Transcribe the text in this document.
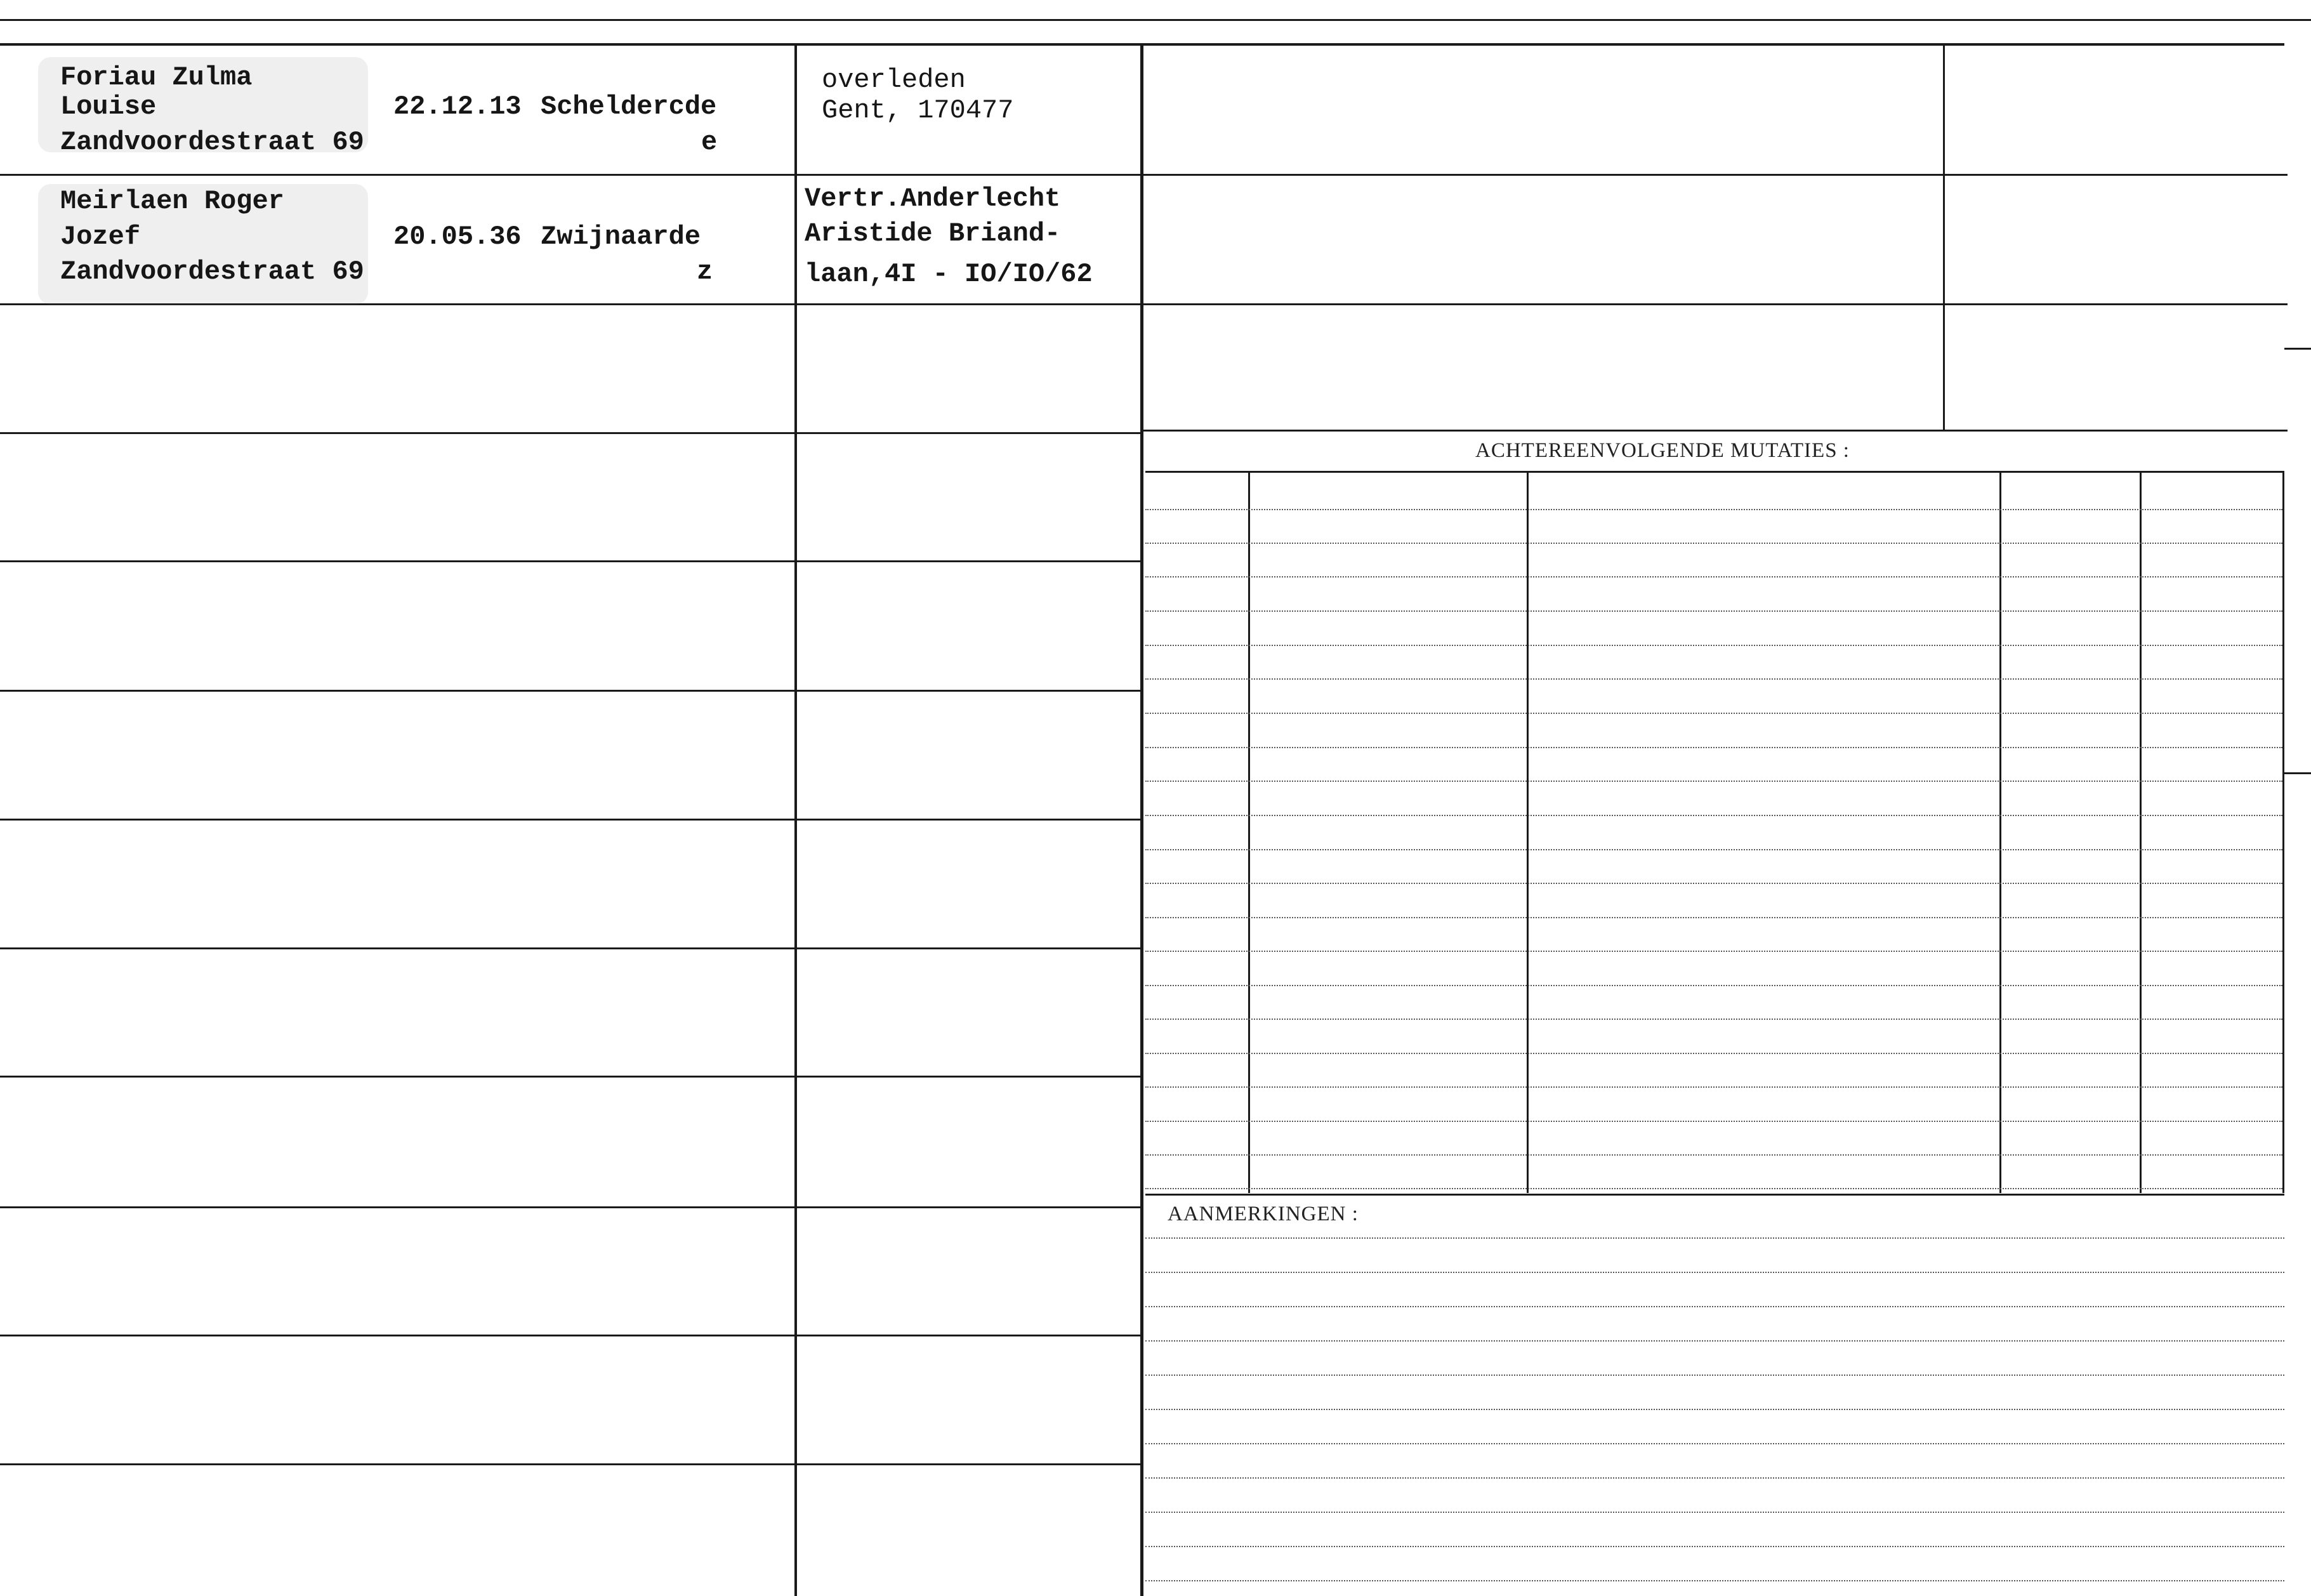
ACHTEREENVOLGENDE MUTATIES :
AANMERKINGEN :
Foriau Zulma
Louise
Zandvoordestraat 69
22.12.13 Scheldercde
e
overleden
Gent, 170477
Meirlaen Roger
Jozef
Zandvoordestraat 69
20.05.36 Zwijnaarde
z
Vertr.Anderlecht
Aristide Briand-
laan,4I - IO/IO/62
